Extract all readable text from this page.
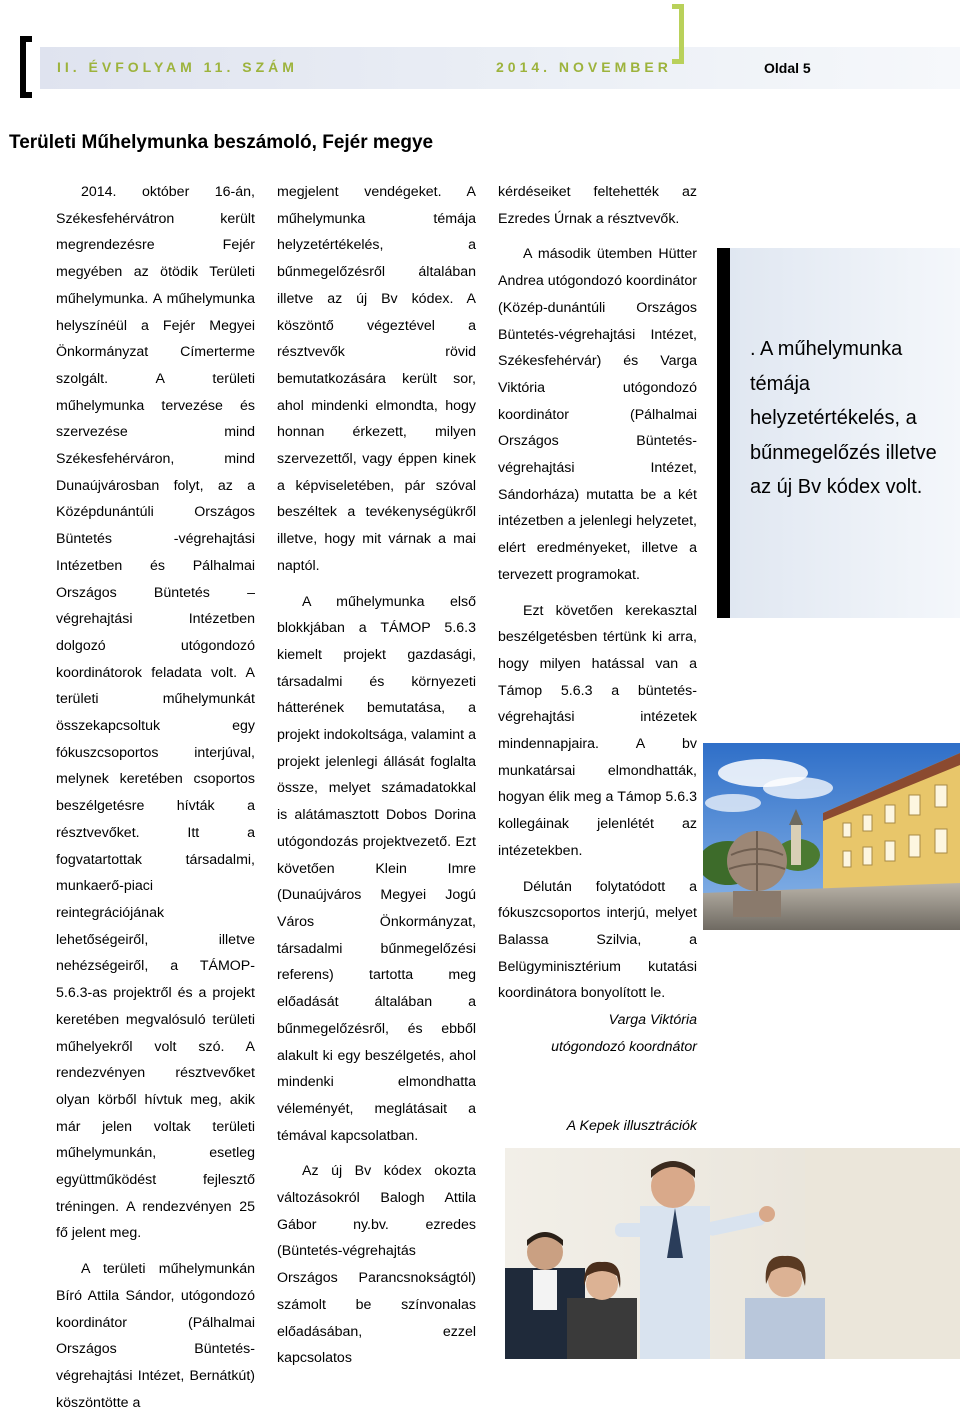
II. ÉVFOLYAM 11. SZÁM	2014. NOVEMBER	Oldal 5
Területi Műhelymunka beszámoló, Fejér megye

2014. október 16-án, Székesfehérvátron került megrendezésre Fejér megyében az ötödik Területi műhelymunka. A műhelymunka helyszínéül a Fejér Megyei Önkormányzat Címerterme szolgált. A területi műhelymunka tervezése és szervezése mind Székesfehérváron, mind Dunaújvárosban folyt, az a Középdunántúli Országos Büntetés -végrehajtási Intézetben és Pálhalmai Országos Büntetés – végrehajtási Intézetben dolgozó utógondozó koordinátorok feladata volt. A területi műhelymunkát összekapcsoltuk egy fókuszcsoportos interjúval, melynek keretében csoportos beszélgetésre hívták a résztvevőket. Itt a fogvatartottak társadalmi, munkaerő-piaci reintegrációjának lehetőségeiről, illetve nehézségeiről, a TÁMOP-5.6.3-as projektről és a projekt keretében megvalósuló területi műhelyekről volt szó. A rendezvényen résztvevőket olyan körből hívtuk meg, akik már jelen voltak területi műhelymunkán, esetleg együttműködést fejlesztő tréningen. A rendezvényen 25 fő jelent meg.

A területi műhelymunkán Bíró Attila Sándor, utógondozó koordinátor (Pálhalmai Országos Büntetés-végrehajtási Intézet, Bernátkút) köszöntötte a

megjelent vendégeket. A műhelymunka témája helyzetértékelés, a bűnmegelőzésről általában illetve az új Bv kódex. A köszöntő végeztével a résztvevők rövid bemutatkozására került sor, ahol mindenki elmondta, hogy honnan érkezett, milyen szervezettől, vagy éppen kinek a képviseletében, pár szóval beszéltek a tevékenységükről illetve, hogy mit várnak a mai naptól.

A műhelymunka első blokkjában a TÁMOP 5.6.3 kiemelt projekt gazdasági, társadalmi és környezeti hátterének bemutatása, a projekt indokoltsága, valamint a projekt jelenlegi állását foglalta össze, melyet számadatokkal is alátámasztott Dobos Dorina utógondozás projektvezető. Ezt követően Klein Imre (Dunaújváros Megyei Jogú Város Önkormányzat, társadalmi bűnmegelőzési referens) tartotta meg előadását általában a bűnmegelőzésről, és ebből alakult ki egy beszélgetés, ahol mindenki elmondhatta véleményét, meglátásait a témával kapcsolatban.

Az új Bv kódex okozta változásokról Balogh Attila Gábor ny.bv. ezredes (Büntetés-végrehajtás Országos Parancsnokságtól) számolt be színvonalas előadásában, ezzel kapcsolatos

kérdéseiket feltehették az Ezredes Úrnak a résztvevők.

A második ütemben Hütter Andrea utógondozó koordinátor (Közép-dunántúli Országos Büntetés-végrehajtási Intézet, Székesfehérvár) és Varga Viktória utógondozó koordinátor (Pálhalmai Országos Büntetés-végrehajtási Intézet, Sándorháza) mutatta be a két intézetben a jelenlegi helyzetet, elért eredményeket, illetve a tervezett programokat.

Ezt követően kerekasztal beszélgetésben tértünk ki arra, hogy milyen hatással van a Támop 5.6.3 a büntetés-végrehajtási intézetek mindennapjaira. A bv munkatársai elmondhatták, hogyan élik meg a Támop 5.6.3 kollegáinak jelenlétét az intézetekben.

Délután folytatódott a fókuszcsoportos interjú, melyet Balassa Szilvia, a Belügyminisztérium kutatási koordinátora bonyolított le.

Varga Viktória

utógondozó koordnátor

. A műhelymunka témája helyzetértékelés, a bűnmegelőzés illetve az új Bv kódex volt.
A Kepek illusztrációk
